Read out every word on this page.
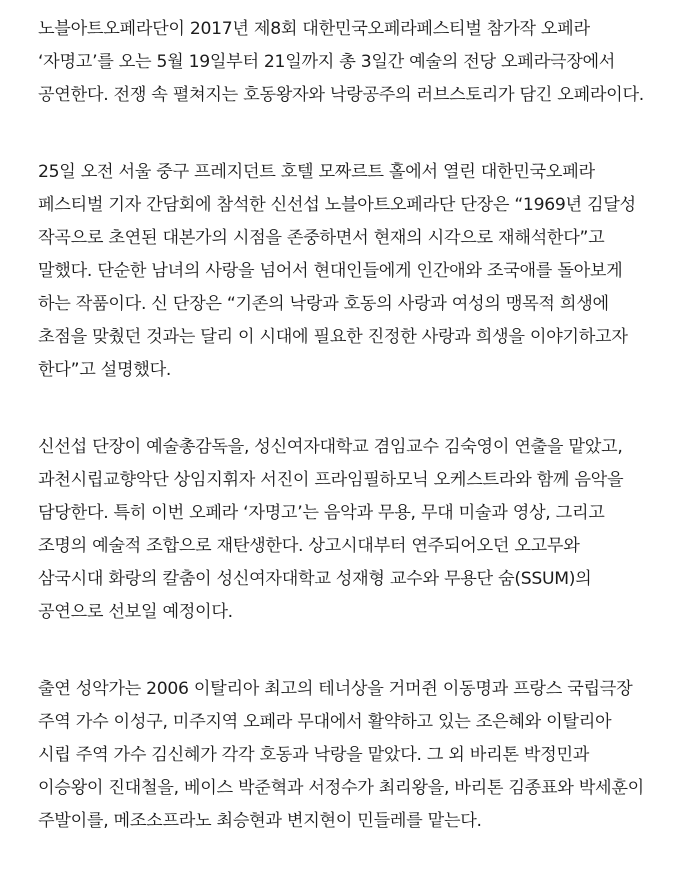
노블아트오페라단이 2017년 제8회 대한민국오페라페스티벌 참가작 오페라
‘자명고’를 오는 5월 19일부터 21일까지 총 3일간 예술의 전당 오페라극장에서
공연한다. 전쟁 속 펼쳐지는 호동왕자와 낙랑공주의 러브스토리가 담긴 오페라이다.
25일 오전 서울 중구 프레지던트 호텔 모짜르트 홀에서 열린 대한민국오페라
페스티벌 기자 간담회에 참석한 신선섭 노블아트오페라단 단장은 “1969년 김달성
작곡으로 초연된 대본가의 시점을 존중하면서 현재의 시각으로 재해석한다”고
말했다. 단순한 남녀의 사랑을 넘어서 현대인들에게 인간애와 조국애를 돌아보게
하는 작품이다. 신 단장은 “기존의 낙랑과 호동의 사랑과 여성의 맹목적 희생에
초점을 맞췄던 것과는 달리 이 시대에 필요한 진정한 사랑과 희생을 이야기하고자
한다”고 설명했다.
신선섭 단장이 예술총감독을, 성신여자대학교 겸임교수 김숙영이 연출을 맡았고,
과천시립교향악단 상임지휘자 서진이 프라임필하모닉 오케스트라와 함께 음악을
담당한다. 특히 이번 오페라 ‘자명고’는 음악과 무용, 무대 미술과 영상, 그리고
조명의 예술적 조합으로 재탄생한다. 상고시대부터 연주되어오던 오고무와
삼국시대 화랑의 칼춤이 성신여자대학교 성재형 교수와 무용단 숨(SSUM)의
공연으로 선보일 예정이다.
출연 성악가는 2006 이탈리아 최고의 테너상을 거머쥔 이동명과 프랑스 국립극장
주역 가수 이성구, 미주지역 오페라 무대에서 활약하고 있는 조은혜와 이탈리아
시립 주역 가수 김신혜가 각각 호동과 낙랑을 맡았다. 그 외 바리톤 박정민과
이승왕이 진대철을, 베이스 박준혁과 서정수가 최리왕을, 바리톤 김종표와 박세훈이
주발이를, 메조소프라노 최승현과 변지현이 민들레를 맡는다.
